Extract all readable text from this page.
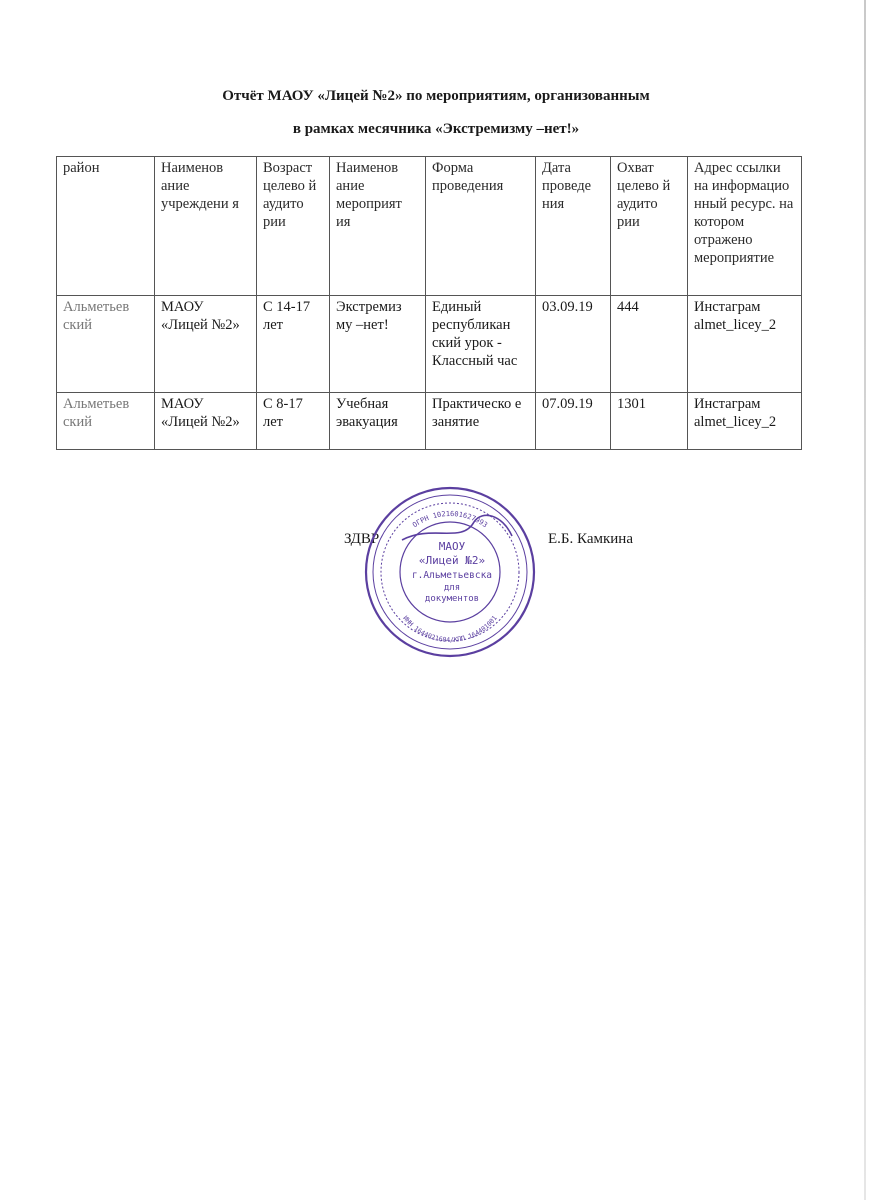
Отчёт МАОУ «Лицей №2» по мероприятиям, организованным

в рамках месячника «Экстремизму –нет!»

район	Наименов ание учреждени я	Возраст целево й аудито рии	Наименов ание мероприят ия	Форма проведения	Дата проведе ния	Охват целево й аудито рии	Адрес ссылки на информацио нный ресурс. на котором отражено мероприятие
Альметьев ский	МАОУ «Лицей №2»	С 14-17 лет	Экстремиз му –нет!	Единый республикан ский урок - Классный час	03.09.19	444	Инстаграм almet_licey_2
Альметьев ский	МАОУ «Лицей №2»	С 8-17 лет	Учебная эвакуация	Практическо е занятие	07.09.19	1301	Инстаграм almet_licey_2
ЗДВР	Е.Б. Камкина
ОГРН 1021601627993
ИНН 1644021604/КПП 164401001
МАОУ
«Лицей №2»
г.Альметьевска
для
документов
